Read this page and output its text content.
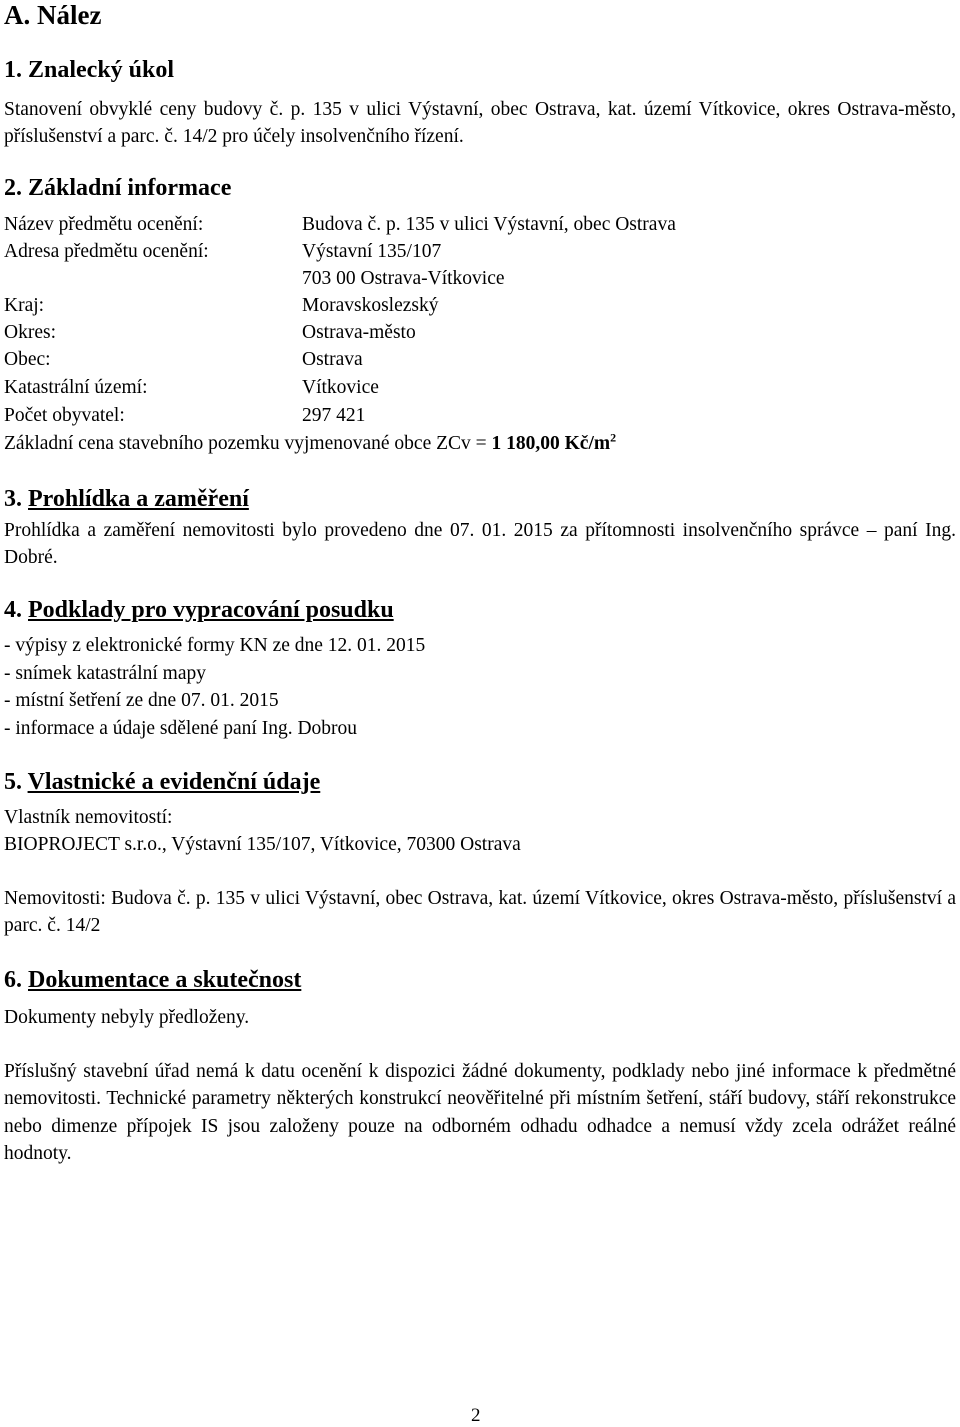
A. Nález
1. Znalecký úkol
Stanovení obvyklé ceny budovy č. p. 135 v ulici Výstavní, obec Ostrava, kat. území Vítkovice, okres Ostrava-město, příslušenství a parc. č. 14/2 pro účely insolvenčního řízení.
2. Základní informace
Název předmětu ocenění:	Budova č. p. 135 v ulici Výstavní, obec Ostrava
Adresa předmětu ocenění:	Výstavní 135/107
703 00 Ostrava-Vítkovice
Kraj:	Moravskoslezský
Okres:	Ostrava-město
Obec:	Ostrava
Katastrální území:	Vítkovice
Počet obyvatel:	297 421
Základní cena stavebního pozemku vyjmenované obce ZCv = 1 180,00 $Kč/m^2$
3. Prohlídka a zaměření
Prohlídka a zaměření nemovitosti bylo provedeno dne 07. 01. 2015 za přítomnosti insolvenčního správce – paní Ing. Dobré.
4. Podklady pro vypracování posudku
- výpisy z elektronické formy KN ze dne 12. 01. 2015
- snímek katastrální mapy
- místní šetření ze dne 07. 01. 2015
- informace a údaje sdělené paní Ing. Dobrou
5. Vlastnické a evidenční údaje
Vlastník nemovitostí:
BIOPROJECT s.r.o., Výstavní 135/107, Vítkovice, 70300 Ostrava
Nemovitosti: Budova č. p. 135 v ulici Výstavní, obec Ostrava, kat. území Vítkovice, okres Ostrava-město, příslušenství a parc. č. 14/2
6. Dokumentace a skutečnost
Dokumenty nebyly předloženy.
Příslušný stavební úřad nemá k datu ocenění k dispozici žádné dokumenty, podklady nebo jiné informace k předmětné nemovitosti. Technické parametry některých konstrukcí neověřitelné při místním šetření, stáří budovy, stáří rekonstrukce nebo dimenze přípojek IS jsou založeny pouze na odborném odhadu odhadce a nemusí vždy zcela odrážet reálné hodnoty.
2
